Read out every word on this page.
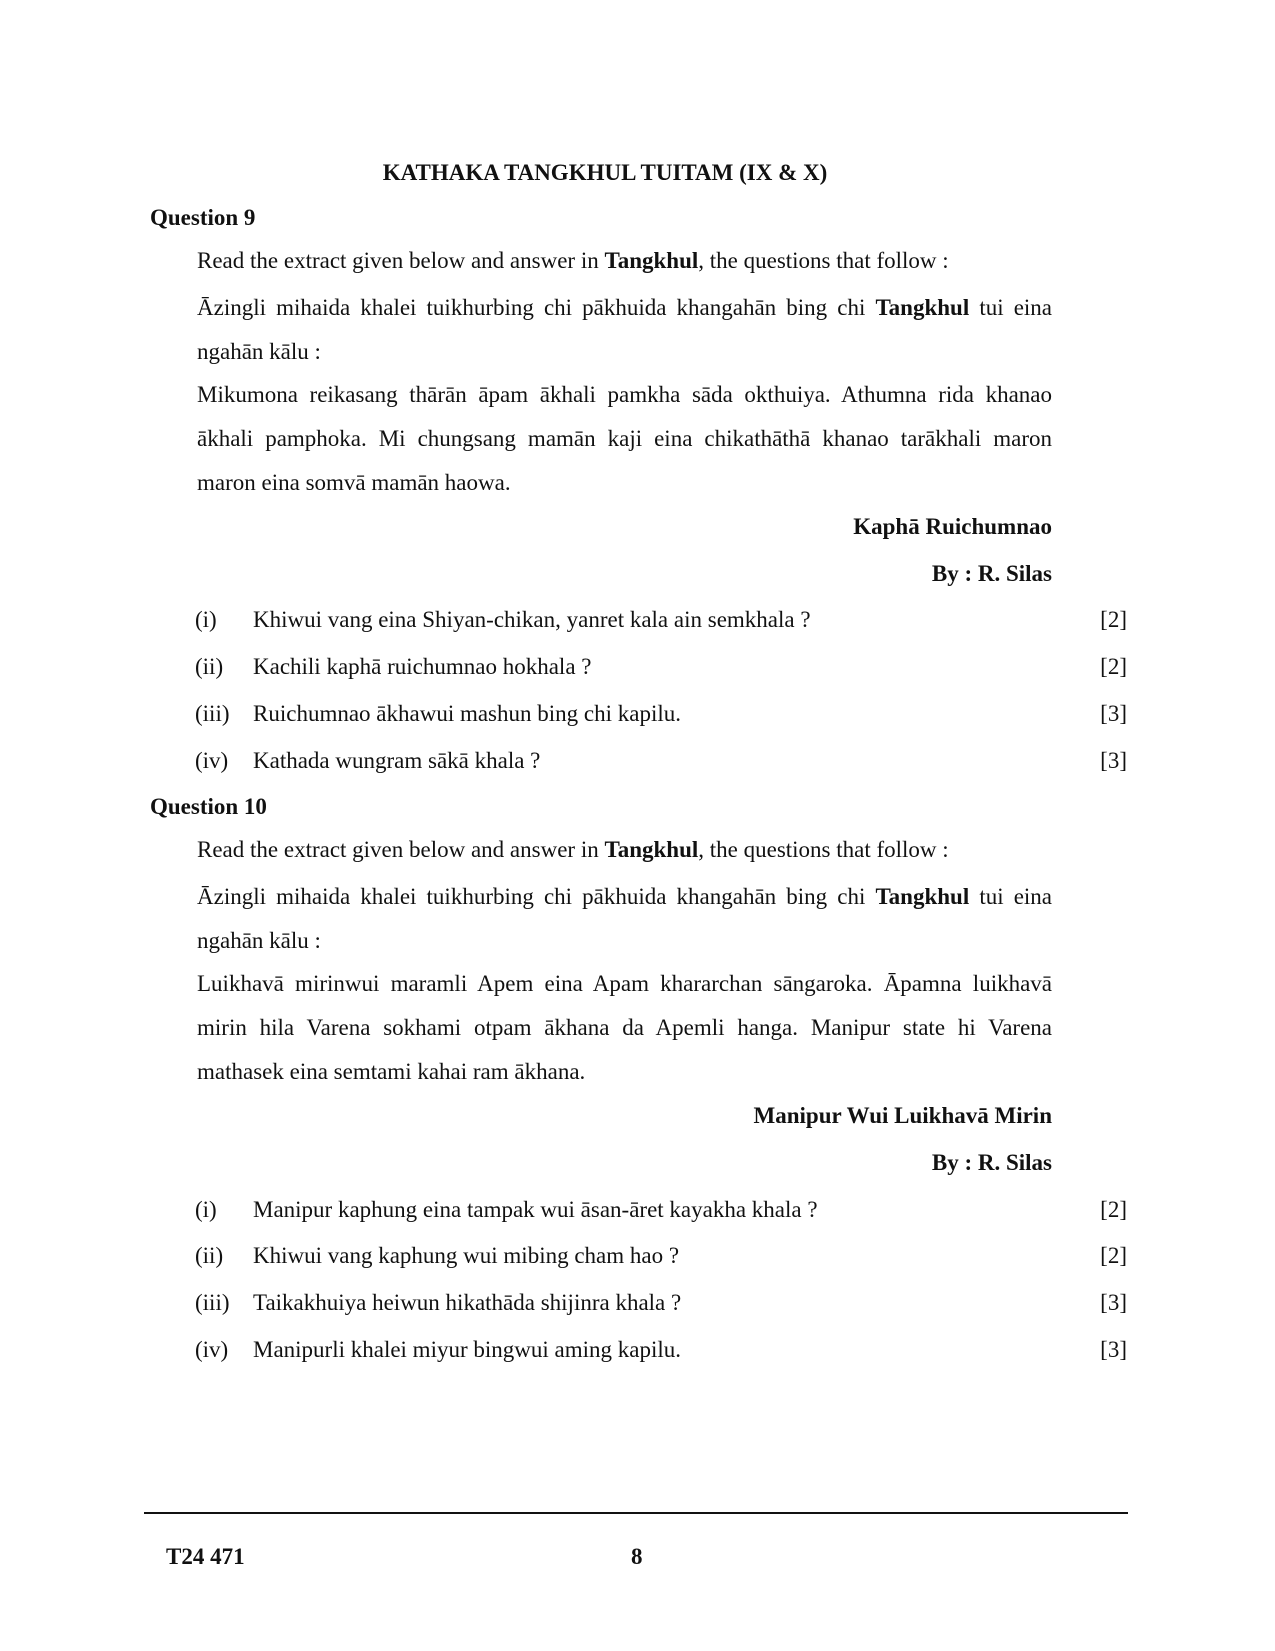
KATHAKA TANGKHUL TUITAM (IX & X)
Question 9

Read the extract given below and answer in Tangkhul, the questions that follow :

Āzingli mihaida khalei tuikhurbing chi pākhuida khangahān bing chi Tangkhul tui eina ngahān kālu :

Mikumona reikasang thārān āpam ākhali pamkha sāda okthuiya. Athumna rida khanao ākhali pamphoka. Mi chungsang mamān kaji eina chikathāthā khanao tarākhali maron maron eina somvā mamān haowa.

Kaphā Ruichumnao
By : R. Silas
(i) Khiwui vang eina Shiyan-chikan, yanret kala ain semkhala ?	[2]
(ii) Kachili kaphā ruichumnao hokhala ?	[2]
(iii) Ruichumnao ākhawui mashun bing chi kapilu.	[3]
(iv) Kathada wungram sākā khala ?	[3]
Question 10

Read the extract given below and answer in Tangkhul, the questions that follow :

Āzingli mihaida khalei tuikhurbing chi pākhuida khangahān bing chi Tangkhul tui eina ngahān kālu :

Luikhavā mirinwui maramli Apem eina Apam khararchan sāngaroka. Āpamna luikhavā mirin hila Varena sokhami otpam ākhana da Apemli hanga. Manipur state hi Varena mathasek eina semtami kahai ram ākhana.

Manipur Wui Luikhavā Mirin
By : R. Silas
(i) Manipur kaphung eina tampak wui āsan-āret kayakha khala ?	[2]
(ii) Khiwui vang kaphung wui mibing cham hao ?	[2]
(iii) Taikakhuiya heiwun hikathāda shijinra khala ?	[3]
(iv) Manipurli khalei miyur bingwui aming kapilu.	[3]
T24 471	8
